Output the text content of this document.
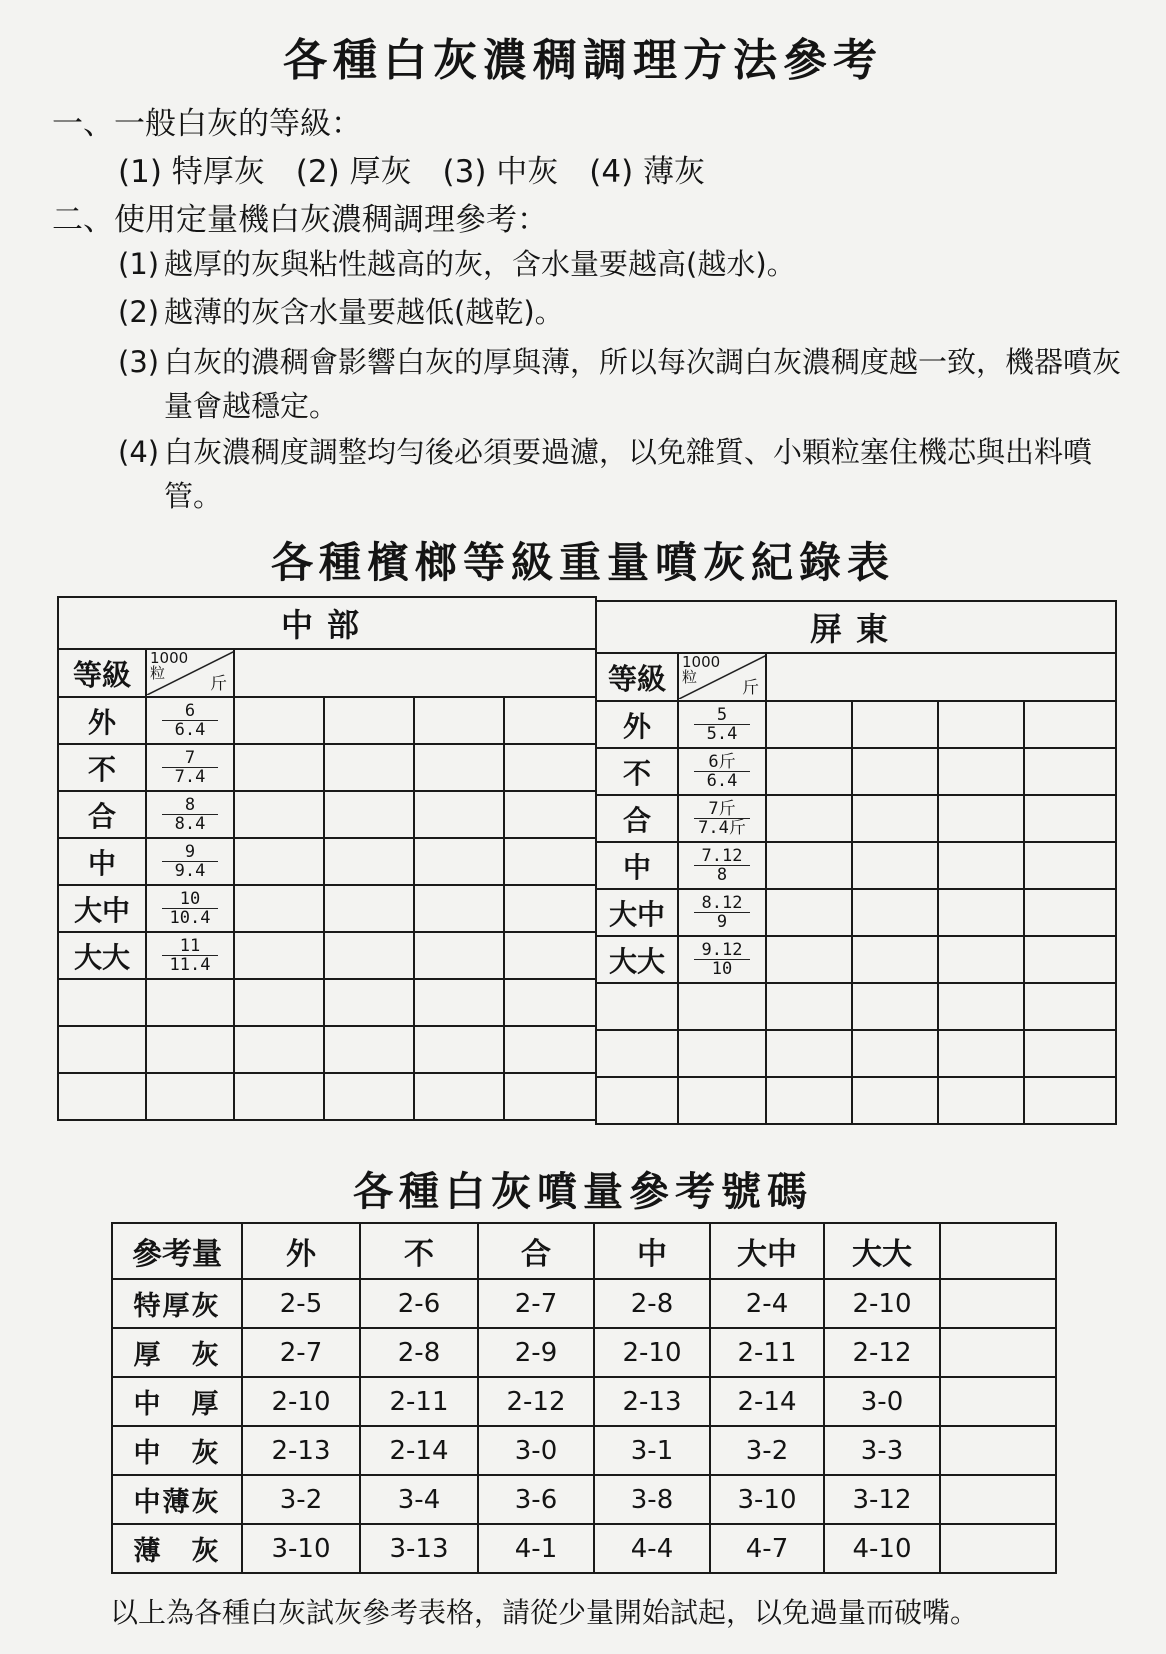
各種白灰濃稠調理方法參考
一、一般白灰的等級：
(1) 特厚灰　(2) 厚灰　(3) 中灰　(4) 薄灰
二、使用定量機白灰濃稠調理參考：
(1) 越厚的灰與粘性越高的灰，含水量要越高(越水)。
(2) 越薄的灰含水量要越低(越乾)。
(3) 白灰的濃稠會影響白灰的厚與薄，所以每次調白灰濃稠度越一致，機器噴灰量會越穩定。
(4) 白灰濃稠度調整均勻後必須要過濾，以免雜質、小顆粒塞住機芯與出料噴管。
各種檳榔等級重量噴灰紀錄表
中部					
等級	1000
粒
斤				

外	$\frac{6}{6.4}$

不	$\frac{7}{7.4}$

合	$\frac{8}{8.4}$

中	$\frac{9}{9.4}$

大中	$\frac{10}{10.4}$

大大	$\frac{11}{11.4}$

屏東					
等級	1000
粒
斤				

外	$\frac{5}{5.4}$

不	$\frac{\text{6斤}}{6.4}$

合	$\frac{\text{7斤}}{\text{7.4斤}}$

中	$\frac{7.12}{8}$

大中	$\frac{8.12}{9}$

大大	$\frac{9.12}{10}$

各種白灰噴量參考號碼
參考量	外	不	合	中	大中	大大	
特厚灰	2-5	2-6	2-7	2-8	2-4	2-10	
厚　灰	2-7	2-8	2-9	2-10	2-11	2-12	
中　厚	2-10	2-11	2-12	2-13	2-14	3-0	
中　灰	2-13	2-14	3-0	3-1	3-2	3-3	
中薄灰	3-2	3-4	3-6	3-8	3-10	3-12	
薄　灰	3-10	3-13	4-1	4-4	4-7	4-10	
以上為各種白灰試灰參考表格，請從少量開始試起，以免過量而破嘴。
